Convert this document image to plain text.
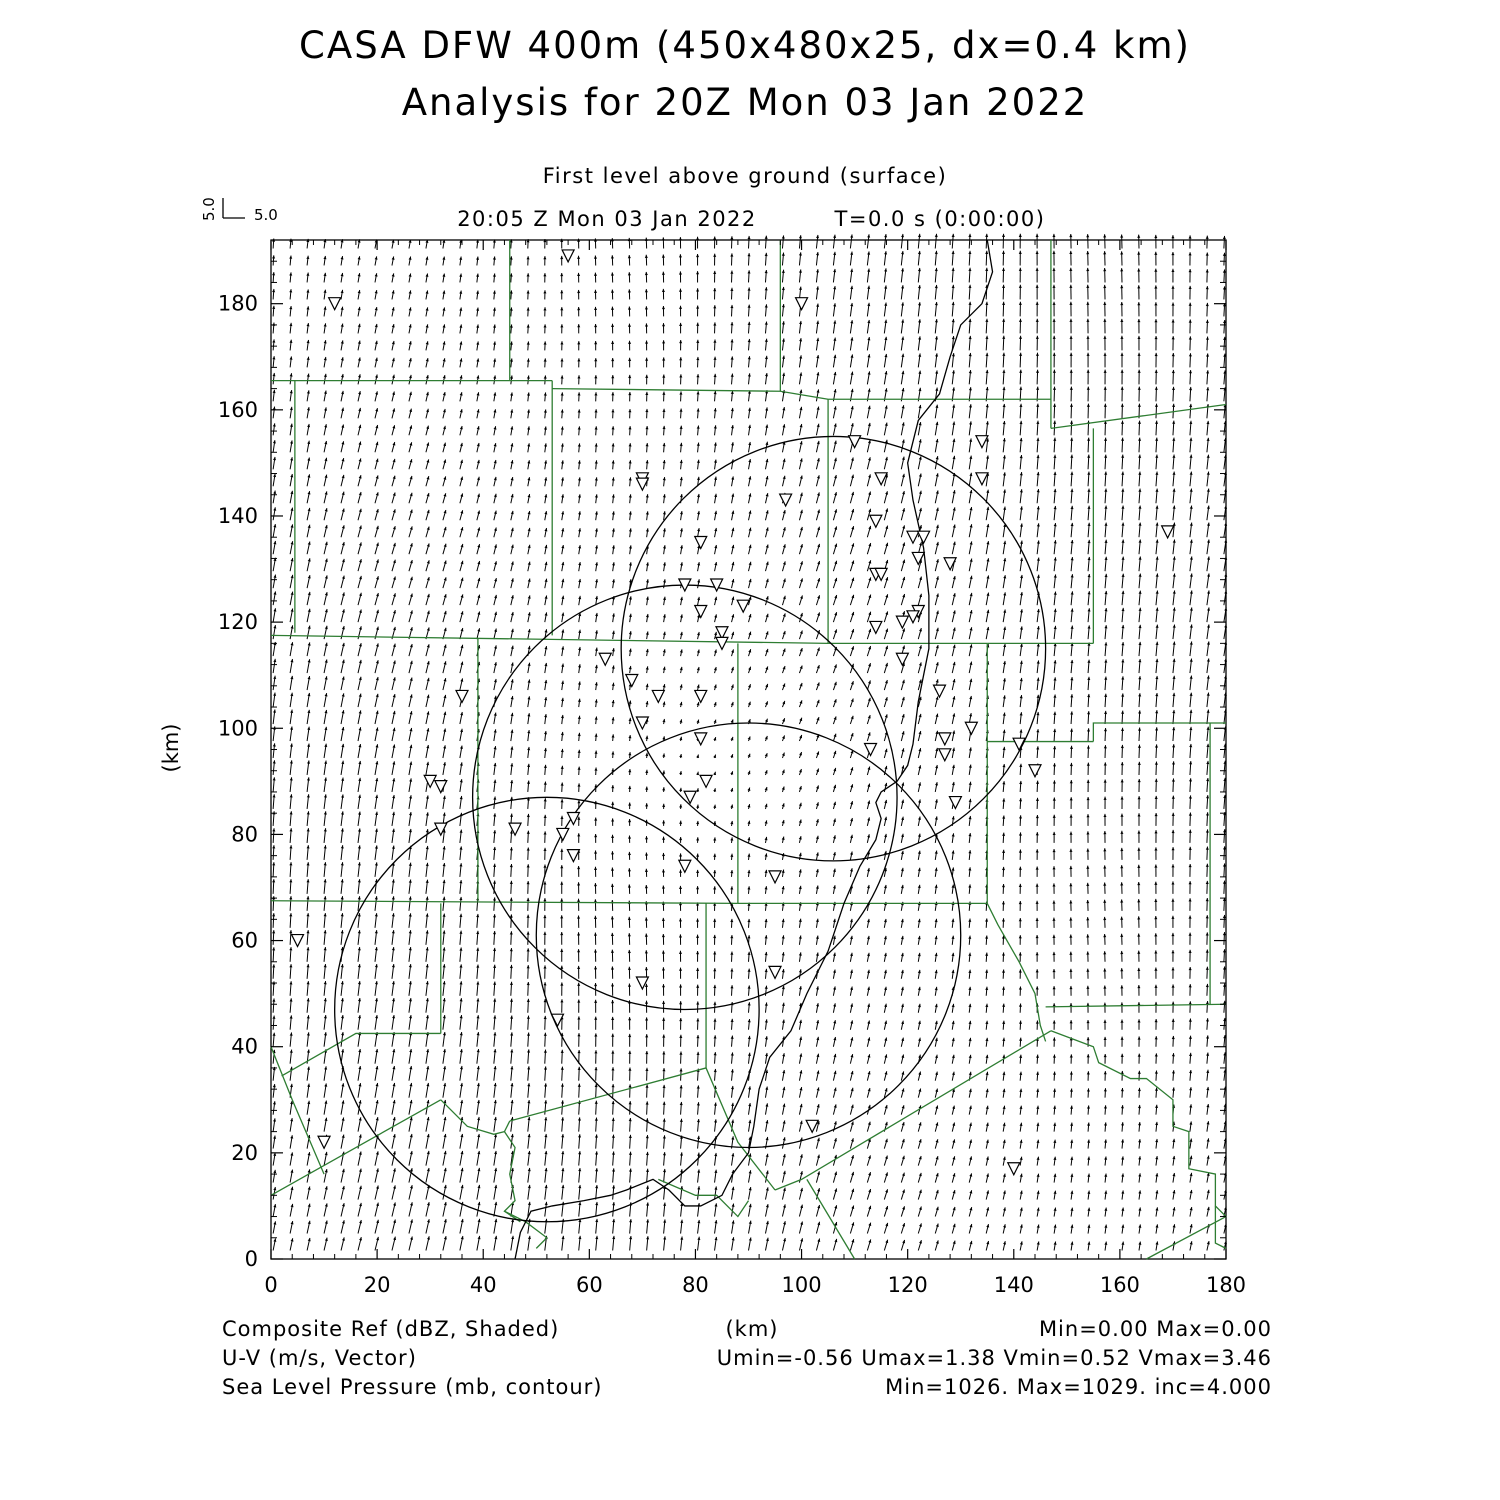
CASA DFW 400m (450x480x25, dx=0.4 km)
Analysis for 20Z Mon 03 Jan 2022
First level above ground (surface)
20:05 Z Mon 03 Jan 2022	T=0.0 s (0:00:00)
5.0 5.0
0	20	40	60	80	100	120	140	160	180
0
20
40
60
80
100
120
140
160
180
(km)
Composite Ref (dBZ, Shaded)
U-V (m/s, Vector)
Sea Level Pressure (mb, contour)
(km)	Min=0.00 Max=0.00
Umin=-0.56 Umax=1.38 Vmin=0.52 Vmax=3.46
Min=1026. Max=1029. inc=4.000
